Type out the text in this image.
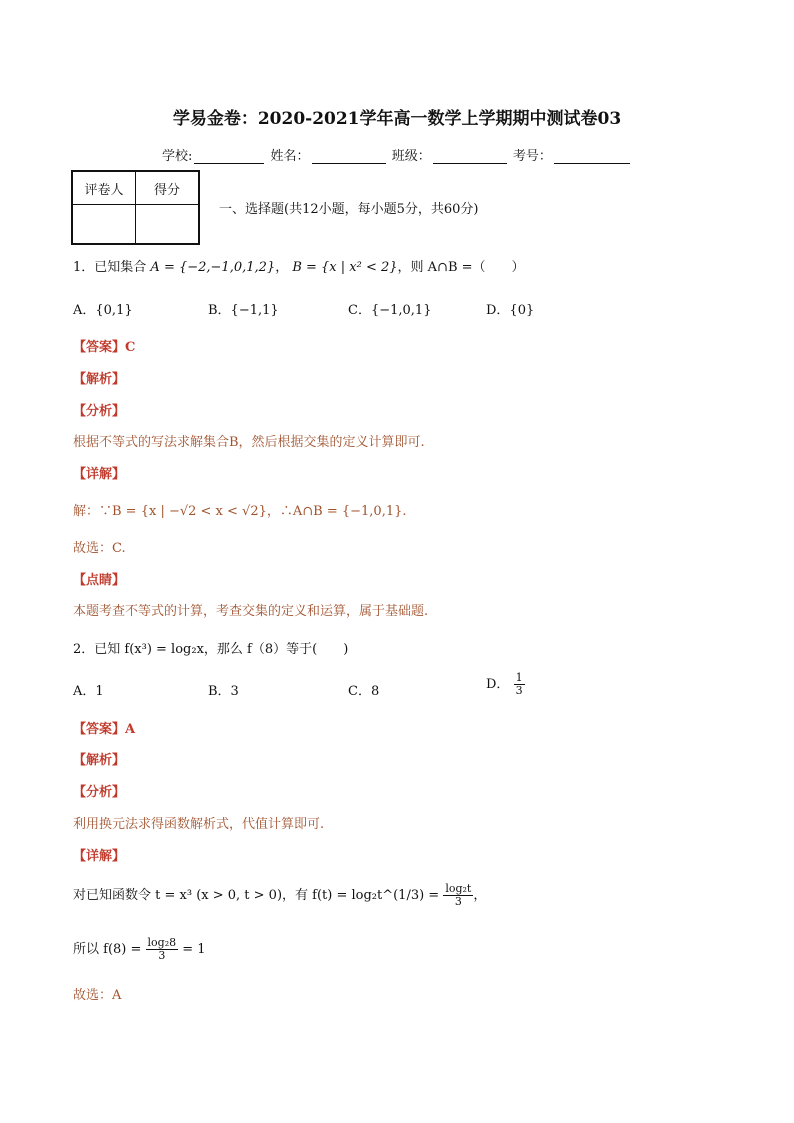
学易金卷：2020-2021学年高一数学上学期期中测试卷03
学校:	姓名：	班级：	考号：
评卷人	得分

一、选择题(共12小题，每小题5分，共60分)
1．已知集合 A = {−2,−1,0,1,2}， B = {x | x² < 2}，则 A∩B =（　　）
A．{0,1}	B．{−1,1}	C．{−1,0,1}	D．{0}
【答案】C
【解析】
【分析】
根据不等式的写法求解集合B，然后根据交集的定义计算即可.
【详解】
解：∵B = {x | −√2 < x < √2}，∴A∩B = {−1,0,1}.
故选：C.
【点睛】
本题考查不等式的计算，考查交集的定义和运算，属于基础题.
2．已知 f(x³) = log₂x，那么 f（8）等于(　　)
A．1	B．3	C．8	D． $\frac{1}{3}$
【答案】A
【解析】
【分析】
利用换元法求得函数解析式，代值计算即可.
【详解】
对已知函数令 t = x³ (x > 0, t > 0)，有 f(t) = log₂t^(1/3) = $\frac{\text{log₂t}}{3}$ ，
所以 $f(8) = \frac{\text{log₂8}}{3} = 1$
故选：A
